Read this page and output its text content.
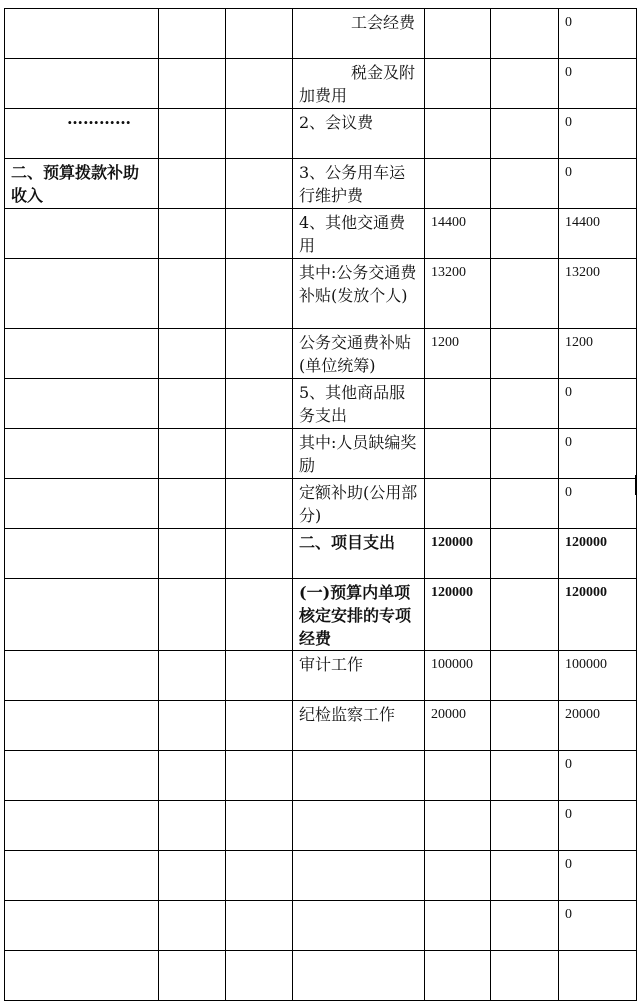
			工会经费			0
			税金及附加费用			0

…………			2、会议费			0
二、预算拨款补助收入			3、公务用车运行维护费			0
			4、其他交通费用	14400		14400
			其中:公务交通费补贴(发放个人)	13200		13200
			公务交通费补贴(单位统筹)	1200		1200
			5、其他商品服务支出			0
			其中:人员缺编奖励			0
			定额补助(公用部分)			0
			二、项目支出	120000		120000
			(一)预算内单项核定安排的专项经费	120000		120000
			审计工作	100000		100000
			纪检监察工作	20000		20000
						0
						0
						0
						0
